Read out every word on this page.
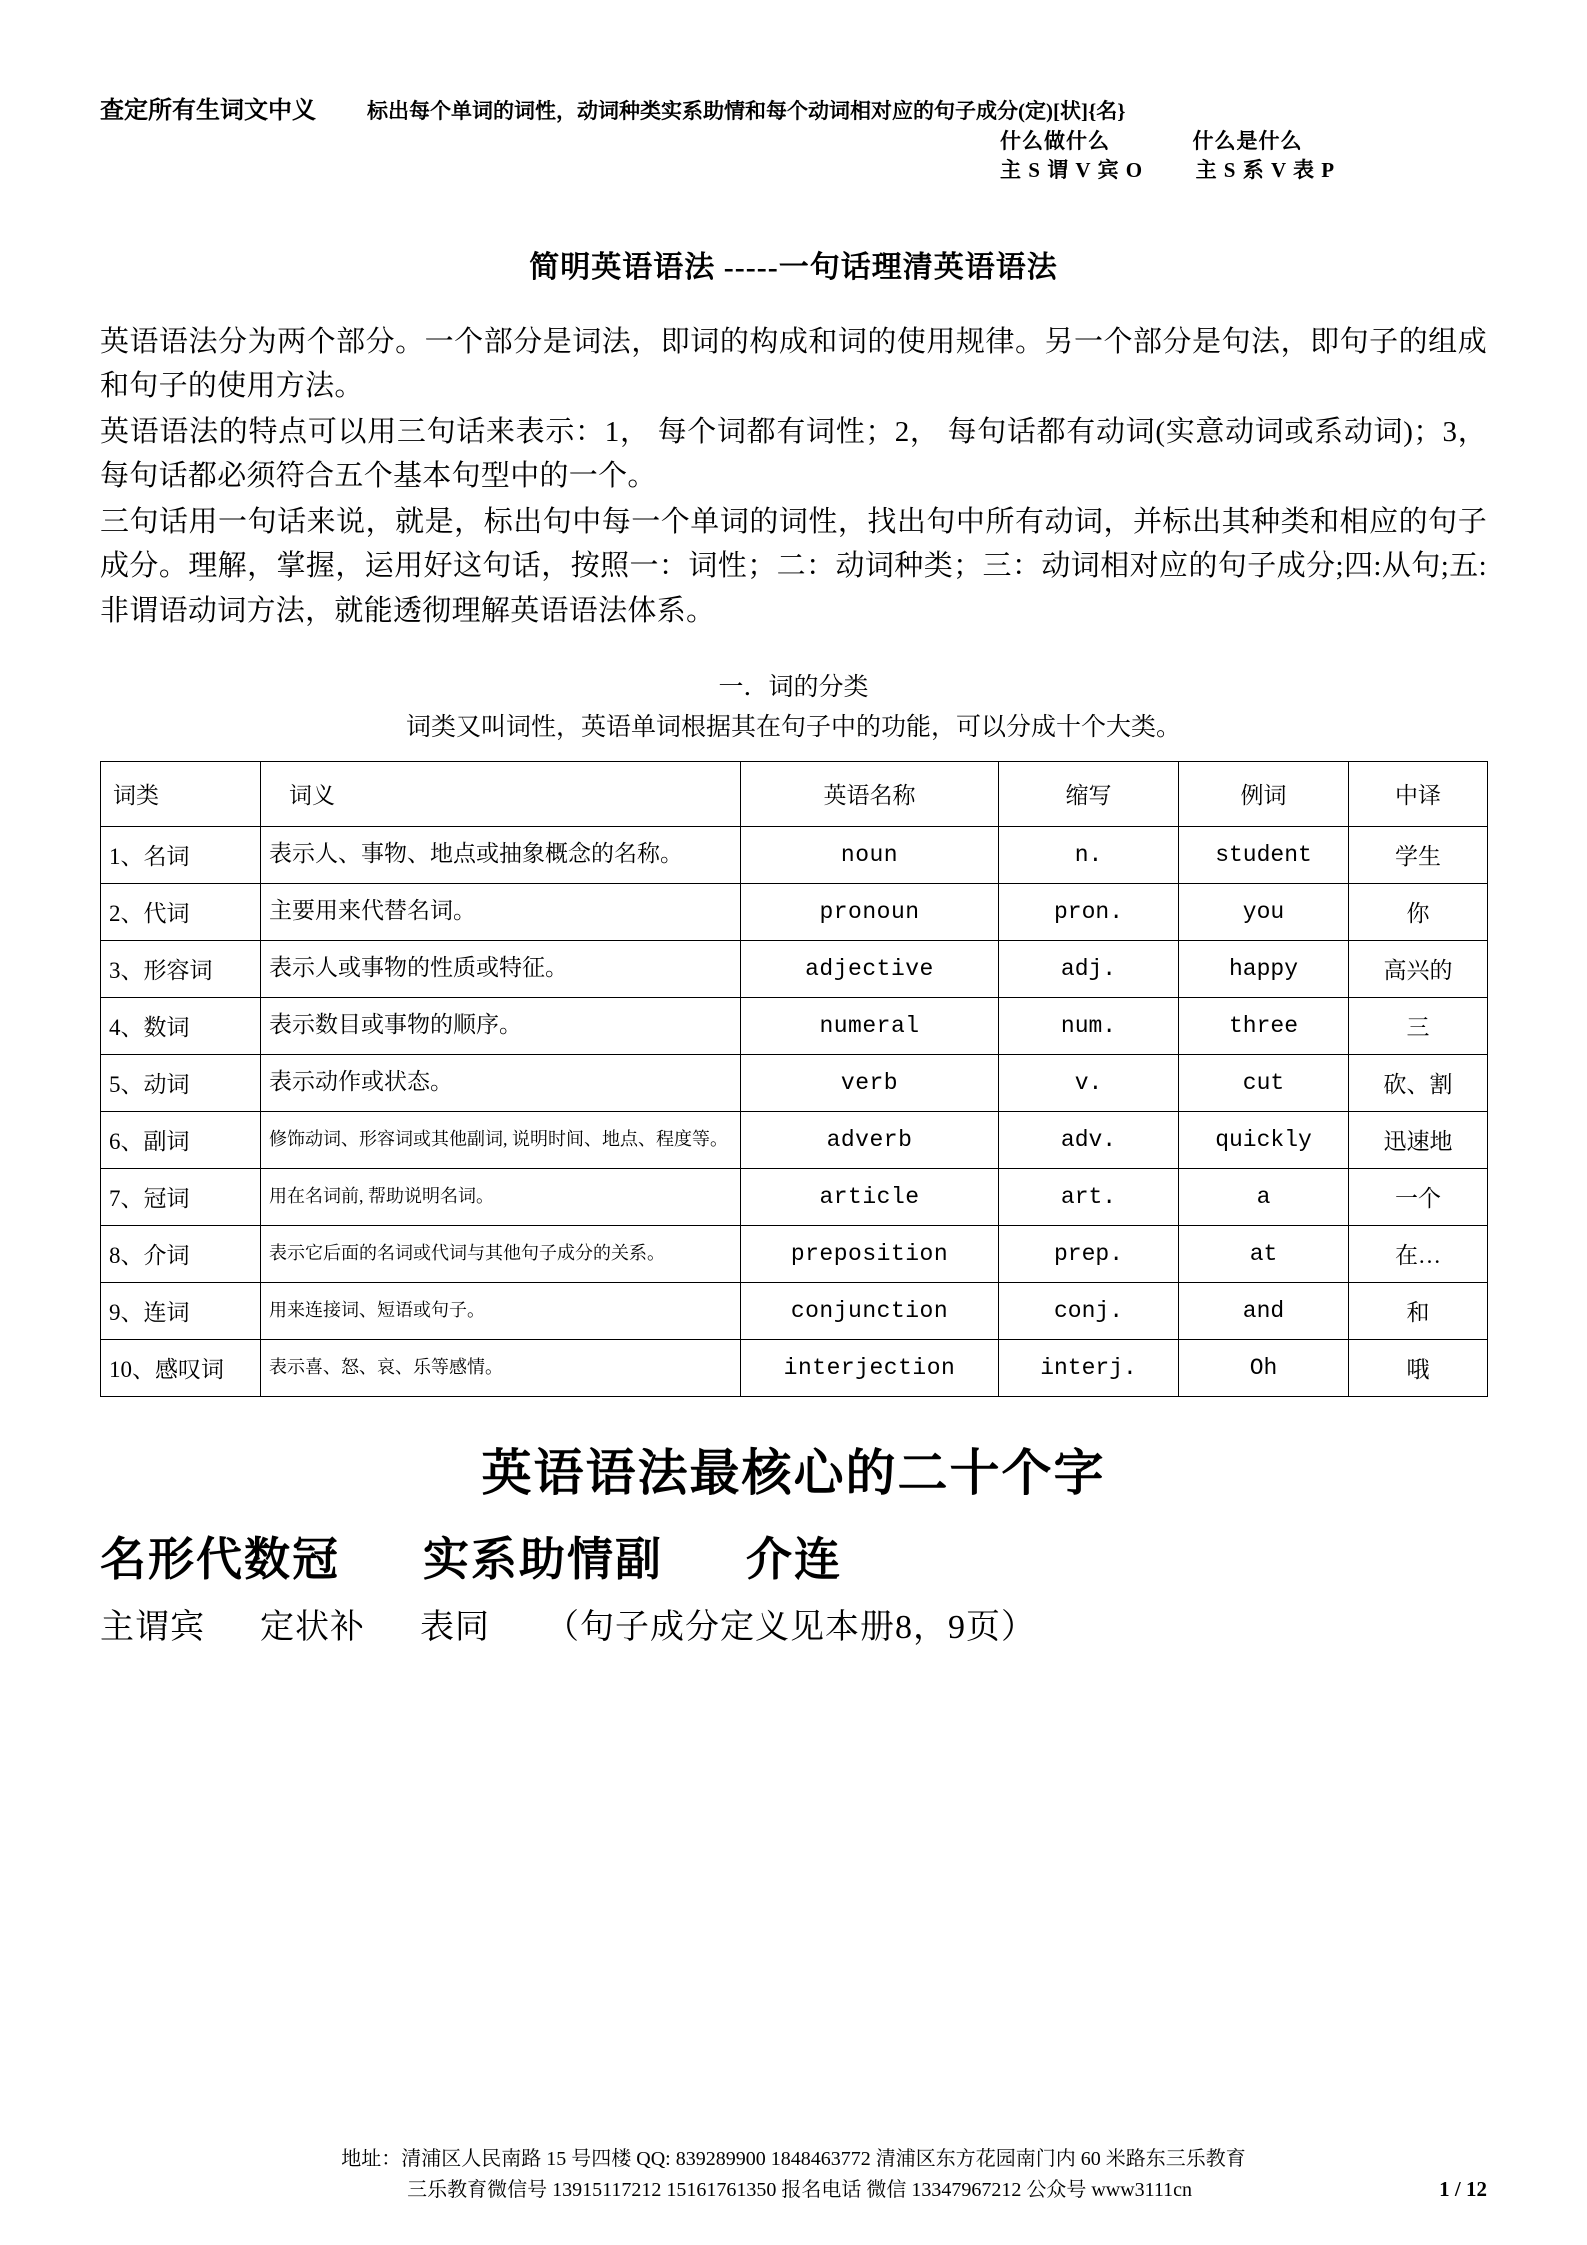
查定所有生词文中义 标出每个单词的词性，动词种类实系助情和每个动词相对应的句子成分(定)[状]{名}
什么做什么	什么是什么
主 S 谓 V 宾 O	主 S 系 V 表 P
简明英语语法 -----一句话理清英语语法

英语语法分为两个部分。一个部分是词法，即词的构成和词的使用规律。另一个部分是句法，即句子的组成和句子的使用方法。

英语语法的特点可以用三句话来表示：1， 每个词都有词性；2， 每句话都有动词(实意动词或系动词)；3，每句话都必须符合五个基本句型中的一个。

三句话用一句话来说，就是，标出句中每一个单词的词性，找出句中所有动词，并标出其种类和相应的句子成分。理解，掌握，运用好这句话，按照一：词性；二：动词种类；三：动词相对应的句子成分;四:从句;五:非谓语动词方法，就能透彻理解英语语法体系。

一．词的分类
词类又叫词性，英语单词根据其在句子中的功能，可以分成十个大类。
词类	词义	英语名称	缩写	例词	中译
1、名词	表示人、事物、地点或抽象概念的名称。	noun	n.	student	学生
2、代词	主要用来代替名词。	pronoun	pron.	you	你
3、形容词	表示人或事物的性质或特征。	adjective	adj.	happy	高兴的
4、数词	表示数目或事物的顺序。	numeral	num.	three	三
5、动词	表示动作或状态。	verb	v.	cut	砍、割
6、副词	修饰动词、形容词或其他副词, 说明时间、地点、程度等。	adverb	adv.	quickly	迅速地
7、冠词	用在名词前, 帮助说明名词。	article	art.	a	一个
8、介词	表示它后面的名词或代词与其他句子成分的关系。	preposition	prep.	at	在…
9、连词	用来连接词、短语或句子。	conjunction	conj.	and	和
10、感叹词	表示喜、怒、哀、乐等感情。	interjection	interj.	Oh	哦
英语语法最核心的二十个字
名形代数冠 实系助情副 介连
主谓宾 定状补 表同 （句子成分定义见本册8，9页）
地址：清浦区人民南路 15 号四楼 QQ: 839289900 1848463772 清浦区东方花园南门内 60 米路东三乐教育
三乐教育微信号 13915117212 15161761350 报名电话 微信 13347967212 公众号 www3111cn	1 / 12
